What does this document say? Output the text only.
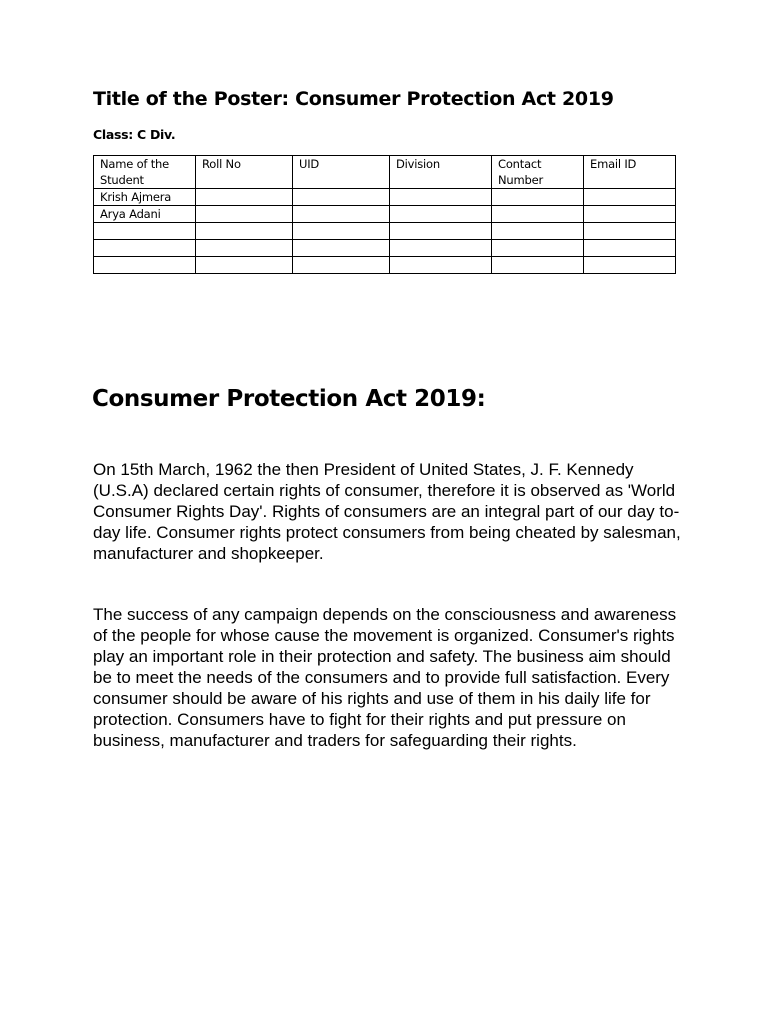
Title of the Poster: Consumer Protection Act 2019
Class: C Div.
Name of the Student	Roll No	UID	Division	Contact Number	Email ID
Krish Ajmera					
Arya Adani					

Consumer Protection Act 2019:

On 15th March, 1962 the then President of United States, J. F. Kennedy (U.S.A) declared certain rights of consumer, therefore it is observed as 'World Consumer Rights Day'. Rights of consumers are an integral part of our day to-day life. Consumer rights protect consumers from being cheated by salesman, manufacturer and shopkeeper.

The success of any campaign depends on the consciousness and awareness of the people for whose cause the movement is organized. Consumer's rights play an important role in their protection and safety. The business aim should be to meet the needs of the consumers and to provide full satisfaction. Every consumer should be aware of his rights and use of them in his daily life for protection. Consumers have to fight for their rights and put pressure on business, manufacturer and traders for safeguarding their rights.
